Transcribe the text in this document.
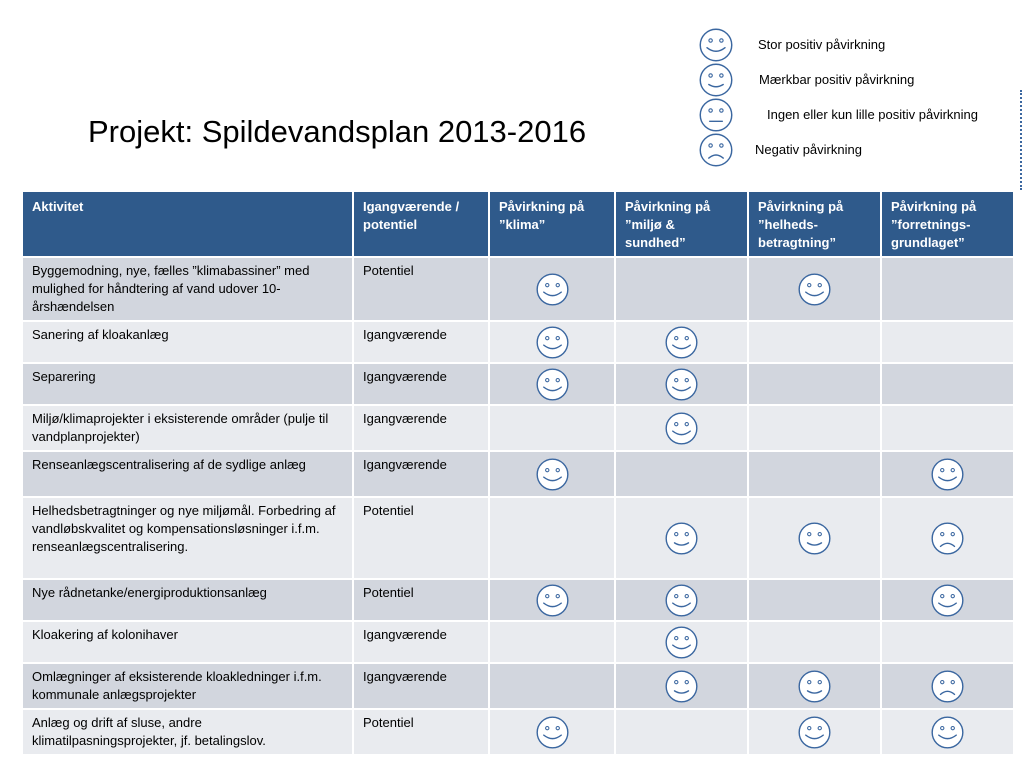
Projekt: Spildevandsplan 2013-2016
Stor positiv påvirkning
Mærkbar positiv påvirkning
Ingen eller kun lille positiv påvirkning
Negativ påvirkning
Aktivitet	Igangværende / potentiel	Påvirkning på ”klima”	Påvirkning på ”miljø & sundhed”	Påvirkning på ”helheds-betragtning”	Påvirkning på ”forretnings-grundlaget”
Byggemodning, nye, fælles ”klimabassiner” med mulighed for håndtering af vand udover 10-årshændelsen	Potentiel	

Sanering af kloakanlæg	Igangværende	

Separering	Igangværende	

Miljø/klimaprojekter i eksisterende områder (pulje til vandplanprojekter)	Igangværende		

Renseanlægscentralisering af de sydlige anlæg	Igangværende	

Helhedsbetragtninger og nye miljømål. Forbedring af vandløbskvalitet og kompensationsløsninger i.f.m. renseanlægscentralisering.	Potentiel		

Nye rådnetanke/energiproduktionsanlæg	Potentiel	

Kloakering af kolonihaver	Igangværende		

Omlægninger af eksisterende kloakledninger i.f.m. kommunale anlægsprojekter	Igangværende		

Anlæg og drift af sluse, andre klimatilpasningsprojekter, jf. betalingslov.	Potentiel	
